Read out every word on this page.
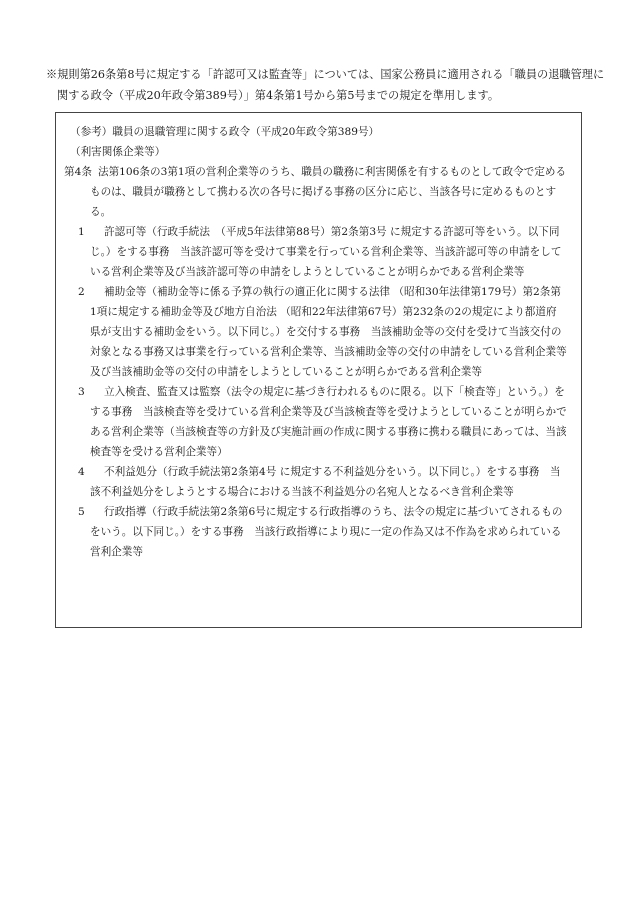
※規則第26条第8号に規定する「許認可又は監査等」については、国家公務員に適用される「職員の退職管理に関する政令（平成20年政令第389号）」第4条第1号から第5号までの規定を準用します。
（参考）職員の退職管理に関する政令（平成20年政令第389号）
（利害関係企業等）
第4条 法第106条の3第1項の営利企業等のうち、職員の職務に利害関係を有するものとして政令で定めるものは、職員が職務として携わる次の各号に掲げる事務の区分に応じ、当該各号に定めるものとする。
1	許認可等（行政手続法　（平成5年法律第88号）第2条第3号 に規定する許認可等をいう。以下同じ。）をする事務　当該許認可等を受けて事業を行っている営利企業等、当該許認可等の申請をしている営利企業等及び当該許認可等の申請をしようとしていることが明らかである営利企業等
2	補助金等（補助金等に係る予算の執行の適正化に関する法律 （昭和30年法律第179号）第2条第1項に規定する補助金等及び地方自治法 （昭和22年法律第67号）第232条の2の規定により都道府県が支出する補助金をいう。以下同じ。）を交付する事務　当該補助金等の交付を受けて当該交付の対象となる事務又は事業を行っている営利企業等、当該補助金等の交付の申請をしている営利企業等及び当該補助金等の交付の申請をしようとしていることが明らかである営利企業等
3	立入検査、監査又は監察（法令の規定に基づき行われるものに限る。以下「検査等」という。）をする事務　当該検査等を受けている営利企業等及び当該検査等を受けようとしていることが明らかである営利企業等（当該検査等の方針及び実施計画の作成に関する事務に携わる職員にあっては、当該検査等を受ける営利企業等）
4	不利益処分（行政手続法第2条第4号 に規定する不利益処分をいう。以下同じ。）をする事務　当該不利益処分をしようとする場合における当該不利益処分の名宛人となるべき営利企業等
5	行政指導（行政手続法第2条第6号に規定する行政指導のうち、法令の規定に基づいてされるものをいう。以下同じ。）をする事務　当該行政指導により現に一定の作為又は不作為を求められている営利企業等
